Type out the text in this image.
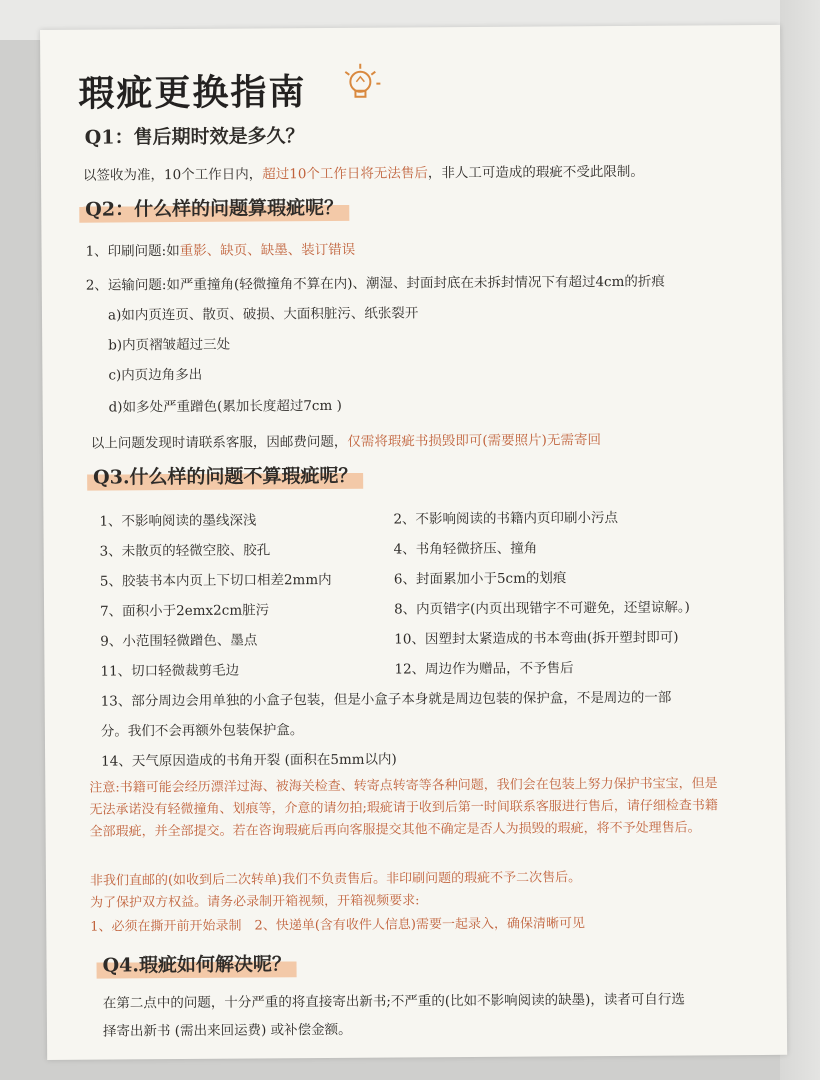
瑕疵更换指南
Q1：售后期时效是多久？
以签收为准，10个工作日内，超过10个工作日将无法售后，非人工可造成的瑕疵不受此限制。
Q2：什么样的问题算瑕疵呢？
1、印刷问题:如重影、缺页、缺墨、装订错误
2、运输问题:如严重撞角(轻微撞角不算在内)、潮湿、封面封底在未拆封情况下有超过4cm的折痕
a)如内页连页、散页、破损、大面积脏污、纸张裂开
b)内页褶皱超过三处
c)内页边角多出
d)如多处严重蹭色(累加长度超过7cm )
以上问题发现时请联系客服，因邮费问题，仅需将瑕疵书损毁即可(需要照片)无需寄回
Q3.什么样的问题不算瑕疵呢？
1、不影响阅读的墨线深浅
3、未散页的轻微空胶、胶孔
5、胶装书本内页上下切口相差2mm内
7、面积小于2emx2cm脏污
9、小范围轻微蹭色、墨点
11、切口轻微裁剪毛边
2、不影响阅读的书籍内页印刷小污点
4、书角轻微挤压、撞角
6、封面累加小于5cm的划痕
8、内页错字(内页出现错字不可避免，还望谅解。)
10、因塑封太紧造成的书本弯曲(拆开塑封即可)
12、周边作为赠品，不予售后
13、部分周边会用单独的小盒子包装，但是小盒子本身就是周边包装的保护盒，不是周边的一部
分。我们不会再额外包装保护盒。
14、天气原因造成的书角开裂 (面积在5mm以内)
注意:书籍可能会经历漂洋过海、被海关检查、转寄点转寄等各种问题，我们会在包装上努力保护书宝宝，但是无法承诺没有轻微撞角、划痕等，介意的请勿拍;瑕疵请于收到后第一时间联系客服进行售后，请仔细检查书籍全部瑕疵，并全部提交。若在咨询瑕疵后再向客服提交其他不确定是否人为损毁的瑕疵，将不予处理售后。
非我们直邮的(如收到后二次转单)我们不负责售后。非印刷问题的瑕疵不予二次售后。
为了保护双方权益。请务必录制开箱视频，开箱视频要求:
1、必须在撕开前开始录制　2、快递单(含有收件人信息)需要一起录入，确保清晰可见
Q4.瑕疵如何解决呢？
在第二点中的问题，十分严重的将直接寄出新书;不严重的(比如不影响阅读的缺墨)，读者可自行选
择寄出新书 (需出来回运费) 或补偿金额。
